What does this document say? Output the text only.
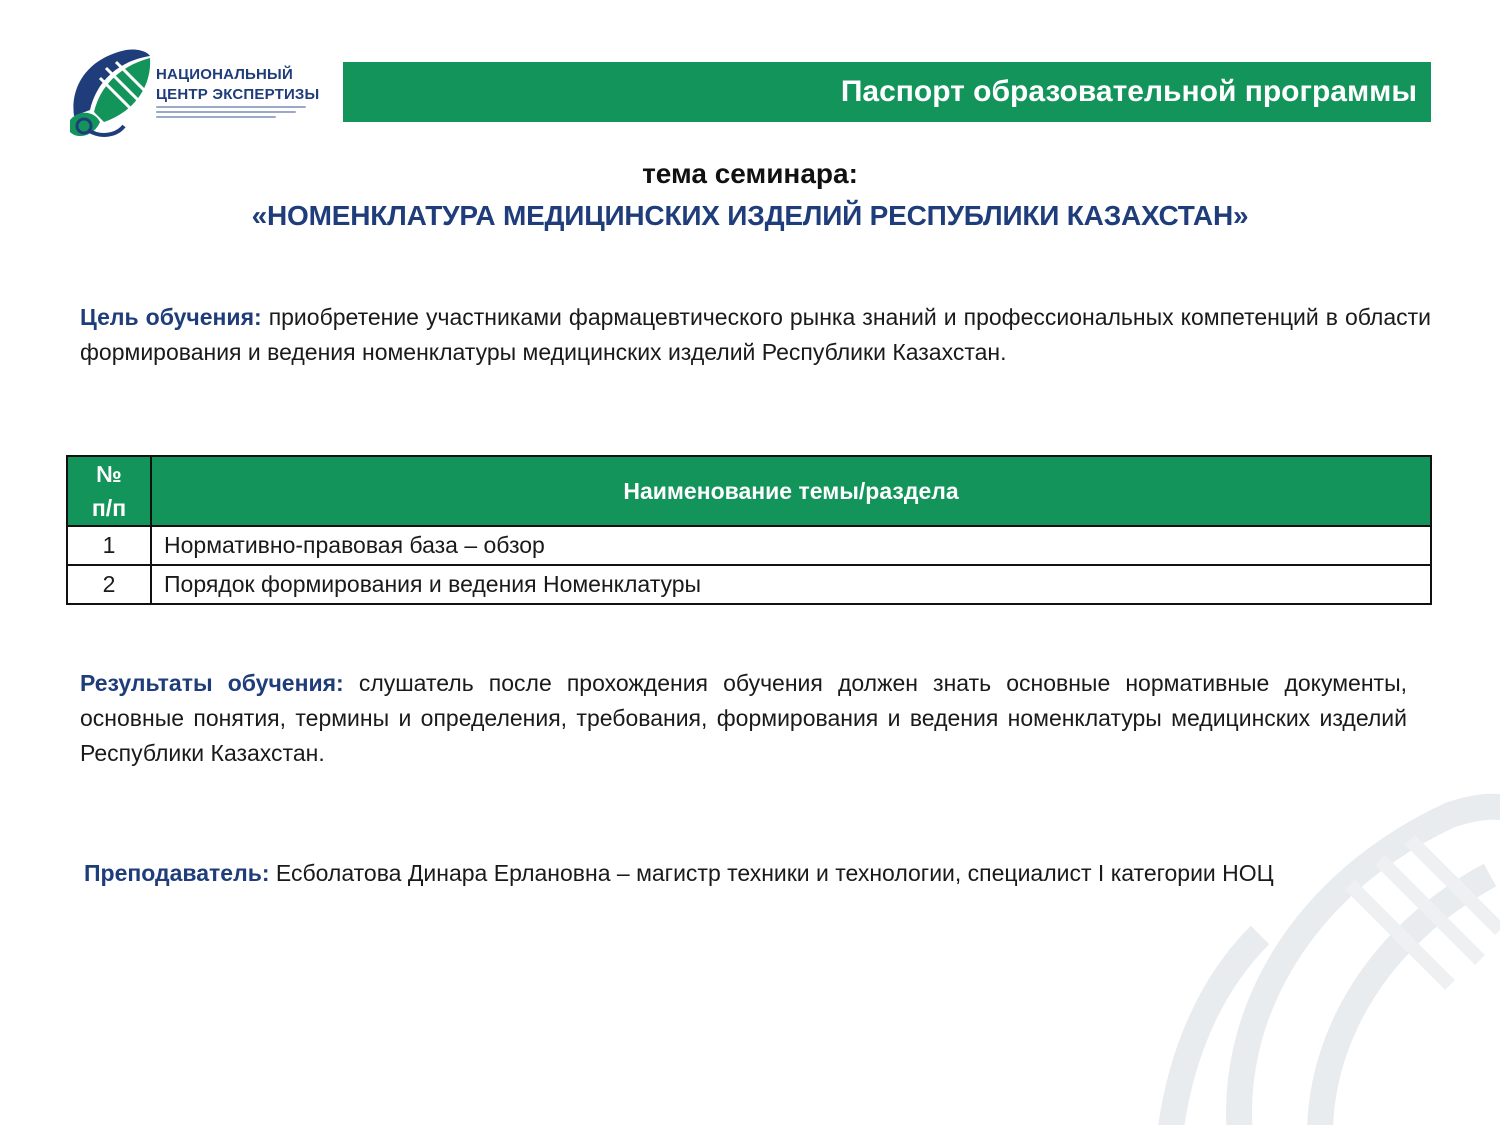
НАЦИОНАЛЬНЫЙ
ЦЕНТР ЭКСПЕРТИЗЫ	Паспорт образовательной программы
тема семинара:
«НОМЕНКЛАТУРА МЕДИЦИНСКИХ ИЗДЕЛИЙ РЕСПУБЛИКИ КАЗАХСТАН»
Цель обучения: приобретение участниками фармацевтического рынка знаний и профессиональных компетенций в области формирования и ведения номенклатуры медицинских изделий Республики Казахстан.
№
п/п	Наименование темы/раздела
1	Нормативно-правовая база – обзор
2	Порядок формирования и ведения Номенклатуры
Результаты обучения: слушатель после прохождения обучения должен знать основные нормативные документы, основные понятия, термины и определения, требования, формирования и ведения номенклатуры медицинских изделий Республики Казахстан.
Преподаватель: Есболатова Динара Ерлановна – магистр техники и технологии, специалист I категории НОЦ
